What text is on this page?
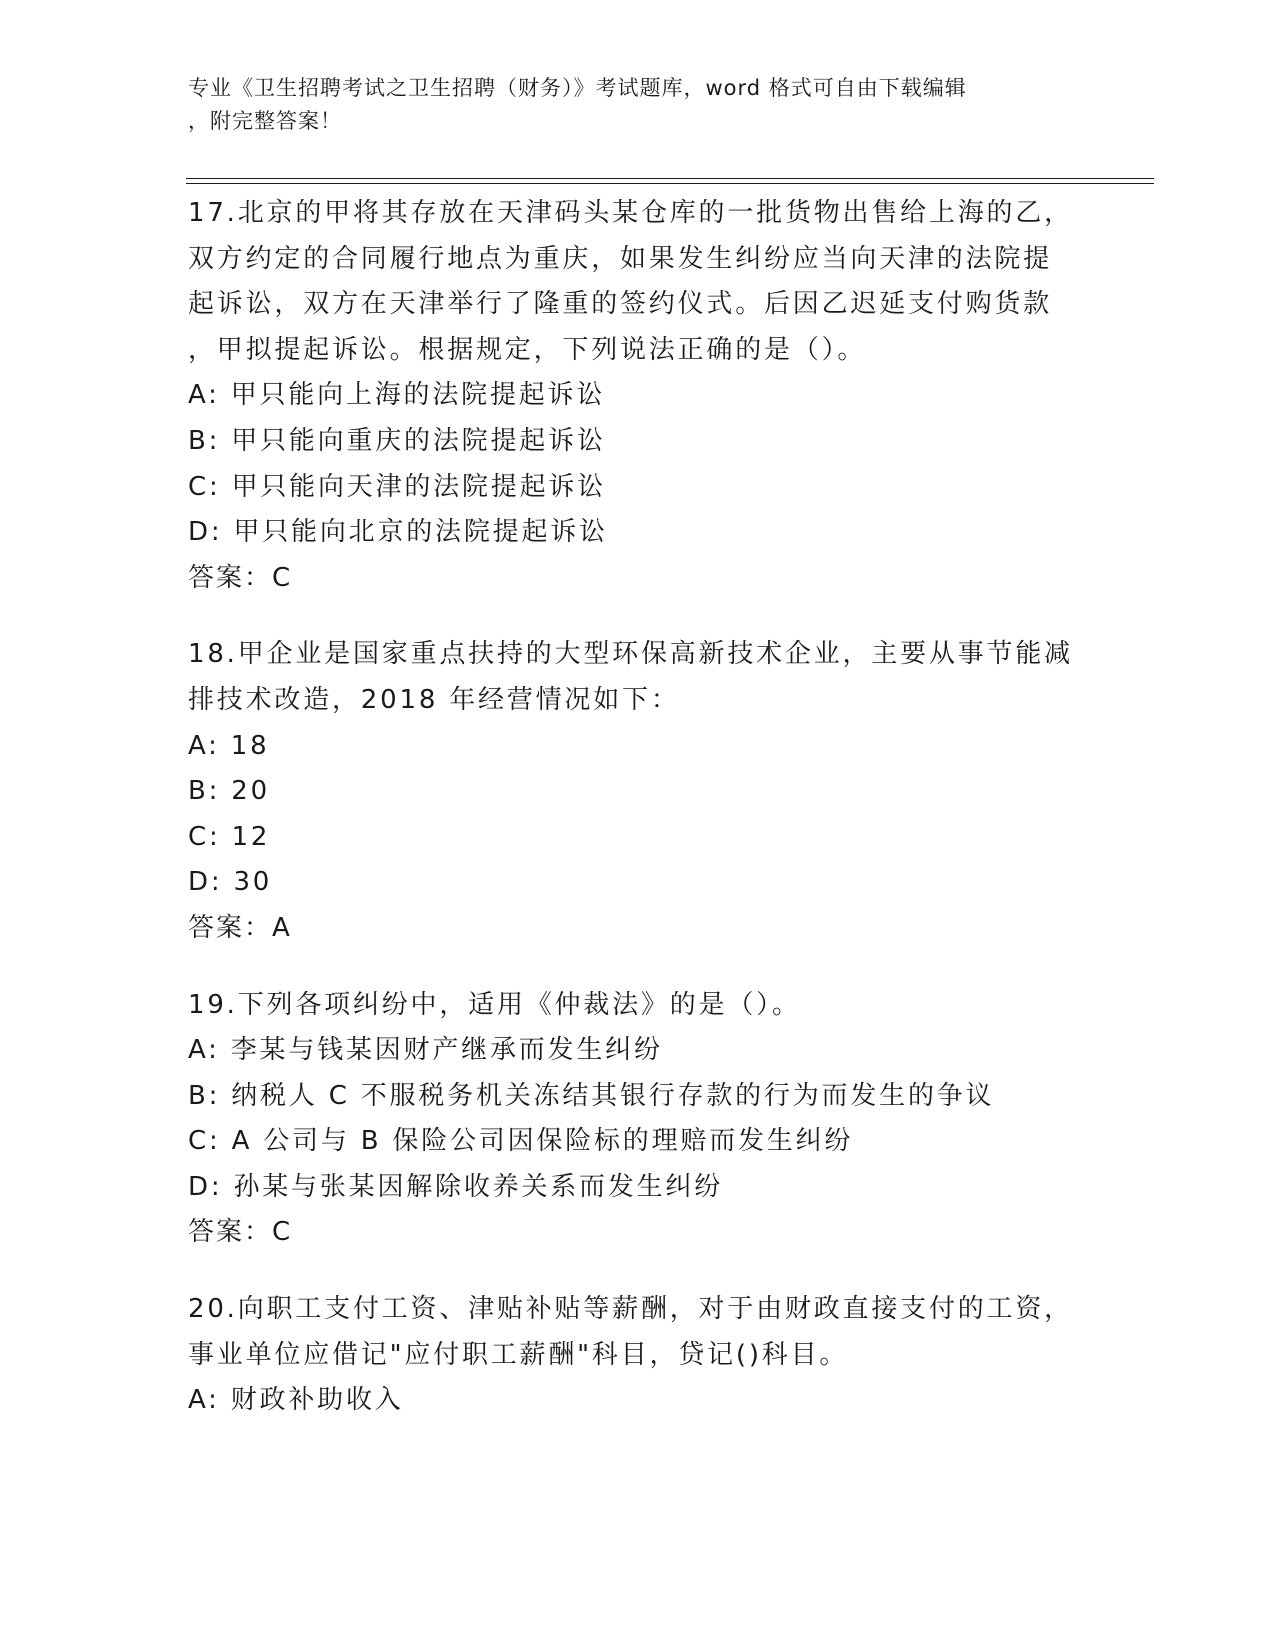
专业《卫生招聘考试之卫生招聘（财务）》考试题库，word 格式可自由下载编辑
，附完整答案！
17.北京的甲将其存放在天津码头某仓库的一批货物出售给上海的乙，
双方约定的合同履行地点为重庆，如果发生纠纷应当向天津的法院提
起诉讼，双方在天津举行了隆重的签约仪式。后因乙迟延支付购货款
，甲拟提起诉讼。根据规定，下列说法正确的是（）。
A: 甲只能向上海的法院提起诉讼
B: 甲只能向重庆的法院提起诉讼
C: 甲只能向天津的法院提起诉讼
D: 甲只能向北京的法院提起诉讼
答案：C
18.甲企业是国家重点扶持的大型环保高新技术企业，主要从事节能减
排技术改造，2018 年经营情况如下：
A: 18
B: 20
C: 12
D: 30
答案：A
19.下列各项纠纷中，适用《仲裁法》的是（）。
A: 李某与钱某因财产继承而发生纠纷
B: 纳税人 C 不服税务机关冻结其银行存款的行为而发生的争议
C: A 公司与 B 保险公司因保险标的理赔而发生纠纷
D: 孙某与张某因解除收养关系而发生纠纷
答案：C
20.向职工支付工资、津贴补贴等薪酬，对于由财政直接支付的工资，
事业单位应借记"应付职工薪酬"科目，贷记()科目。
A: 财政补助收入
